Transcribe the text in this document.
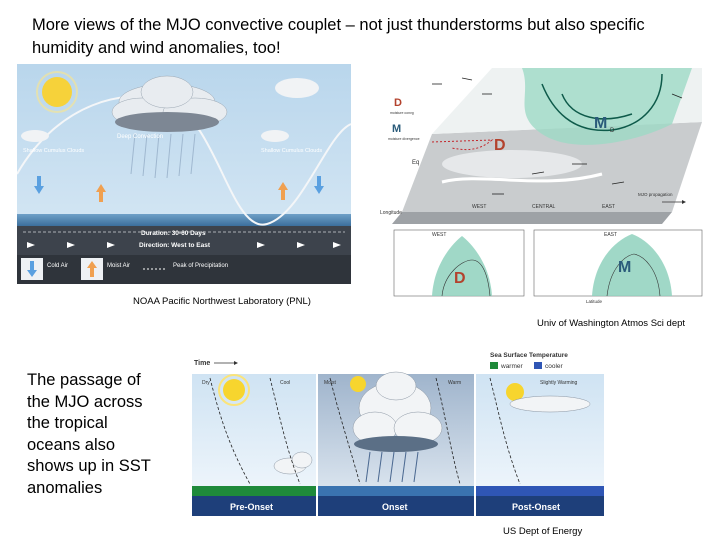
More views of the MJO convective couplet – not just thunderstorms but also specific humidity and wind anomalies, too!
Deep Convection
Shallow Cumulus Clouds	Shallow Cumulus Clouds
Duration: 30-60 Days
Direction: West to East
Cold Air	Moist Air	Peak of Precipitation
NOAA Pacific Northwest Laboratory (PNL)
D
moisture convg
M
moisture divergence	D
M D
Eq
Longitude
WEST	CENTRAL	EAST
MJO propagation
WEST	EAST
D
M
Latitude
Univ of Washington Atmos Sci dept
The passage of the MJO across the tropical oceans also shows up in SST anomalies
Time
Sea Surface Temperature
warmer	cooler
Dry	Cool	Moist	Warm	Slightly Warming
Pre-Onset	Onset	Post-Onset
US Dept of Energy
